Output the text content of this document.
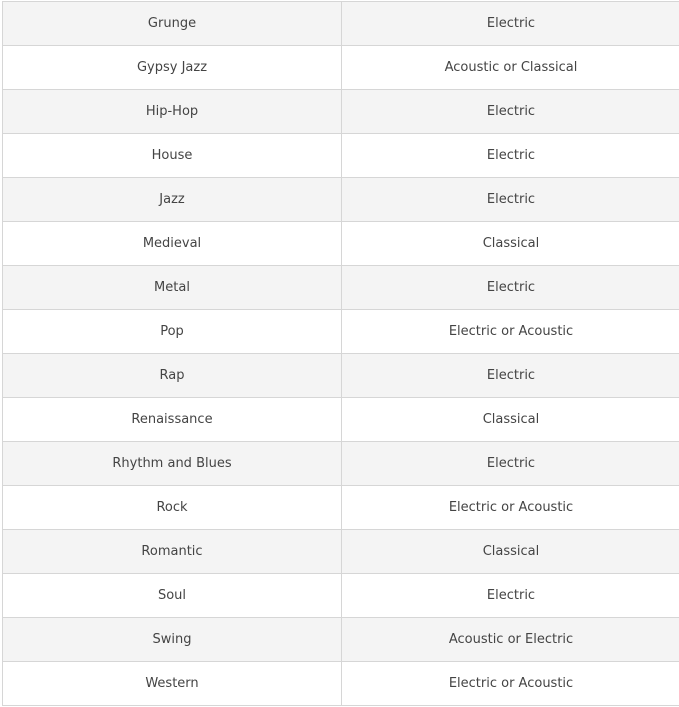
Grunge	Electric
Gypsy Jazz	Acoustic or Classical
Hip-Hop	Electric
House	Electric
Jazz	Electric
Medieval	Classical
Metal	Electric
Pop	Electric or Acoustic
Rap	Electric
Renaissance	Classical
Rhythm and Blues	Electric
Rock	Electric or Acoustic
Romantic	Classical
Soul	Electric
Swing	Acoustic or Electric
Western	Electric or Acoustic
